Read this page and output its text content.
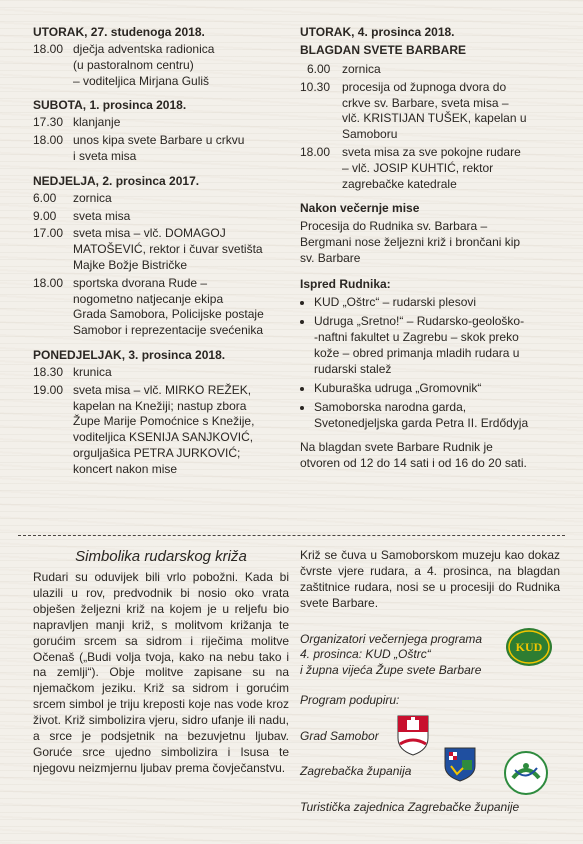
UTORAK, 27. studenoga 2018.
18.00 dječja adventska radionica
(u pastoralnom centru)
– voditeljica Mirjana Guliš
SUBOTA, 1. prosinca 2018.
17.30 klanjanje
18.00 unos kipa svete Barbare u crkvu
i sveta misa
NEDJELJA, 2. prosinca 2017.
6.00	zornica
9.00	sveta misa
17.00 sveta misa – vlč. DOMAGOJ
MATOŠEVIĆ, rektor i čuvar svetišta
Majke Božje Bistričke
18.00 sportska dvorana Rude –
nogometno natjecanje ekipa
Grada Samobora, Policijske postaje
Samobor i reprezentacije svećenika
PONEDJELJAK, 3. prosinca 2018.
18.30 krunica
19.00 sveta misa – vlč. MIRKO REŽEK,
kapelan na Knežiji; nastup zbora
Župe Marije Pomoćnice s Knežije,
voditeljica KSENIJA SANJKOVIĆ,
orguljašica PETRA JURKOVIĆ;
koncert nakon mise
UTORAK, 4. prosinca 2018.
BLAGDAN SVETE BARBARE
6.00 zornica
10.30 procesija od župnoga dvora do
crkve sv. Barbare, sveta misa –
vlč. KRISTIJAN TUŠEK, kapelan u
Samoboru
18.00 sveta misa za sve pokojne rudare
– vlč. JOSIP KUHTIĆ, rektor
zagrebačke katedrale
Nakon večernje mise
Procesija do Rudnika sv. Barbara –
Bergmani nose željezni križ i brončani kip
sv. Barbare
Ispred Rudnika:
• KUD „Oštrc“ – rudarski plesovi
• Udruga „Sretno!“ – Rudarsko-geološko-
-naftni fakultet u Zagrebu – skok preko
kože – obred primanja mladih rudara u
rudarski stalež
• Kuburaška udruga „Gromovnik“
• Samoborska narodna garda,
Svetonedjeljska garda Petra II. Erdődyja
Na blagdan svete Barbare Rudnik je
otvoren od 12 do 14 sati i od 16 do 20 sati.
Simbolika rudarskog križa

Rudari su oduvijek bili vrlo pobožni. Kada bi ulazili u rov, predvodnik bi nosio oko vrata obješen željezni križ na kojem je u reljefu bio napravljen manji križ, s molitvom križanja te gorućim srcem sa sidrom i riječima molitve Očenaš („Budi volja tvoja, kako na nebu tako i na zemlji“). Obje molitve zapisane su na njemačkom jeziku. Križ sa sidrom i gorućim srcem simbol je triju kreposti koje nas vode kroz život. Križ simbolizira vjeru, sidro ufanje ili nadu, a srce je podsjetnik na bezuvjetnu ljubav. Goruće srce ujedno simbolizira i Isusa te njegovu neizmjernu ljubav prema čovječanstvu.

Križ se čuva u Samoborskom muzeju kao dokaz čvrste vjere rudara, a 4. prosinca, na blagdan zaštitnice rudara, nosi se u procesiji do Rudnika svete Barbare.

Organizatori večernjega programa
4. prosinca: KUD „Oštrc“
i župna vijeća Župe svete Barbare
KUD
Program podupiru:
Grad Samobor
Zagrebačka županija
Turistička zajednica Zagrebačke županije
